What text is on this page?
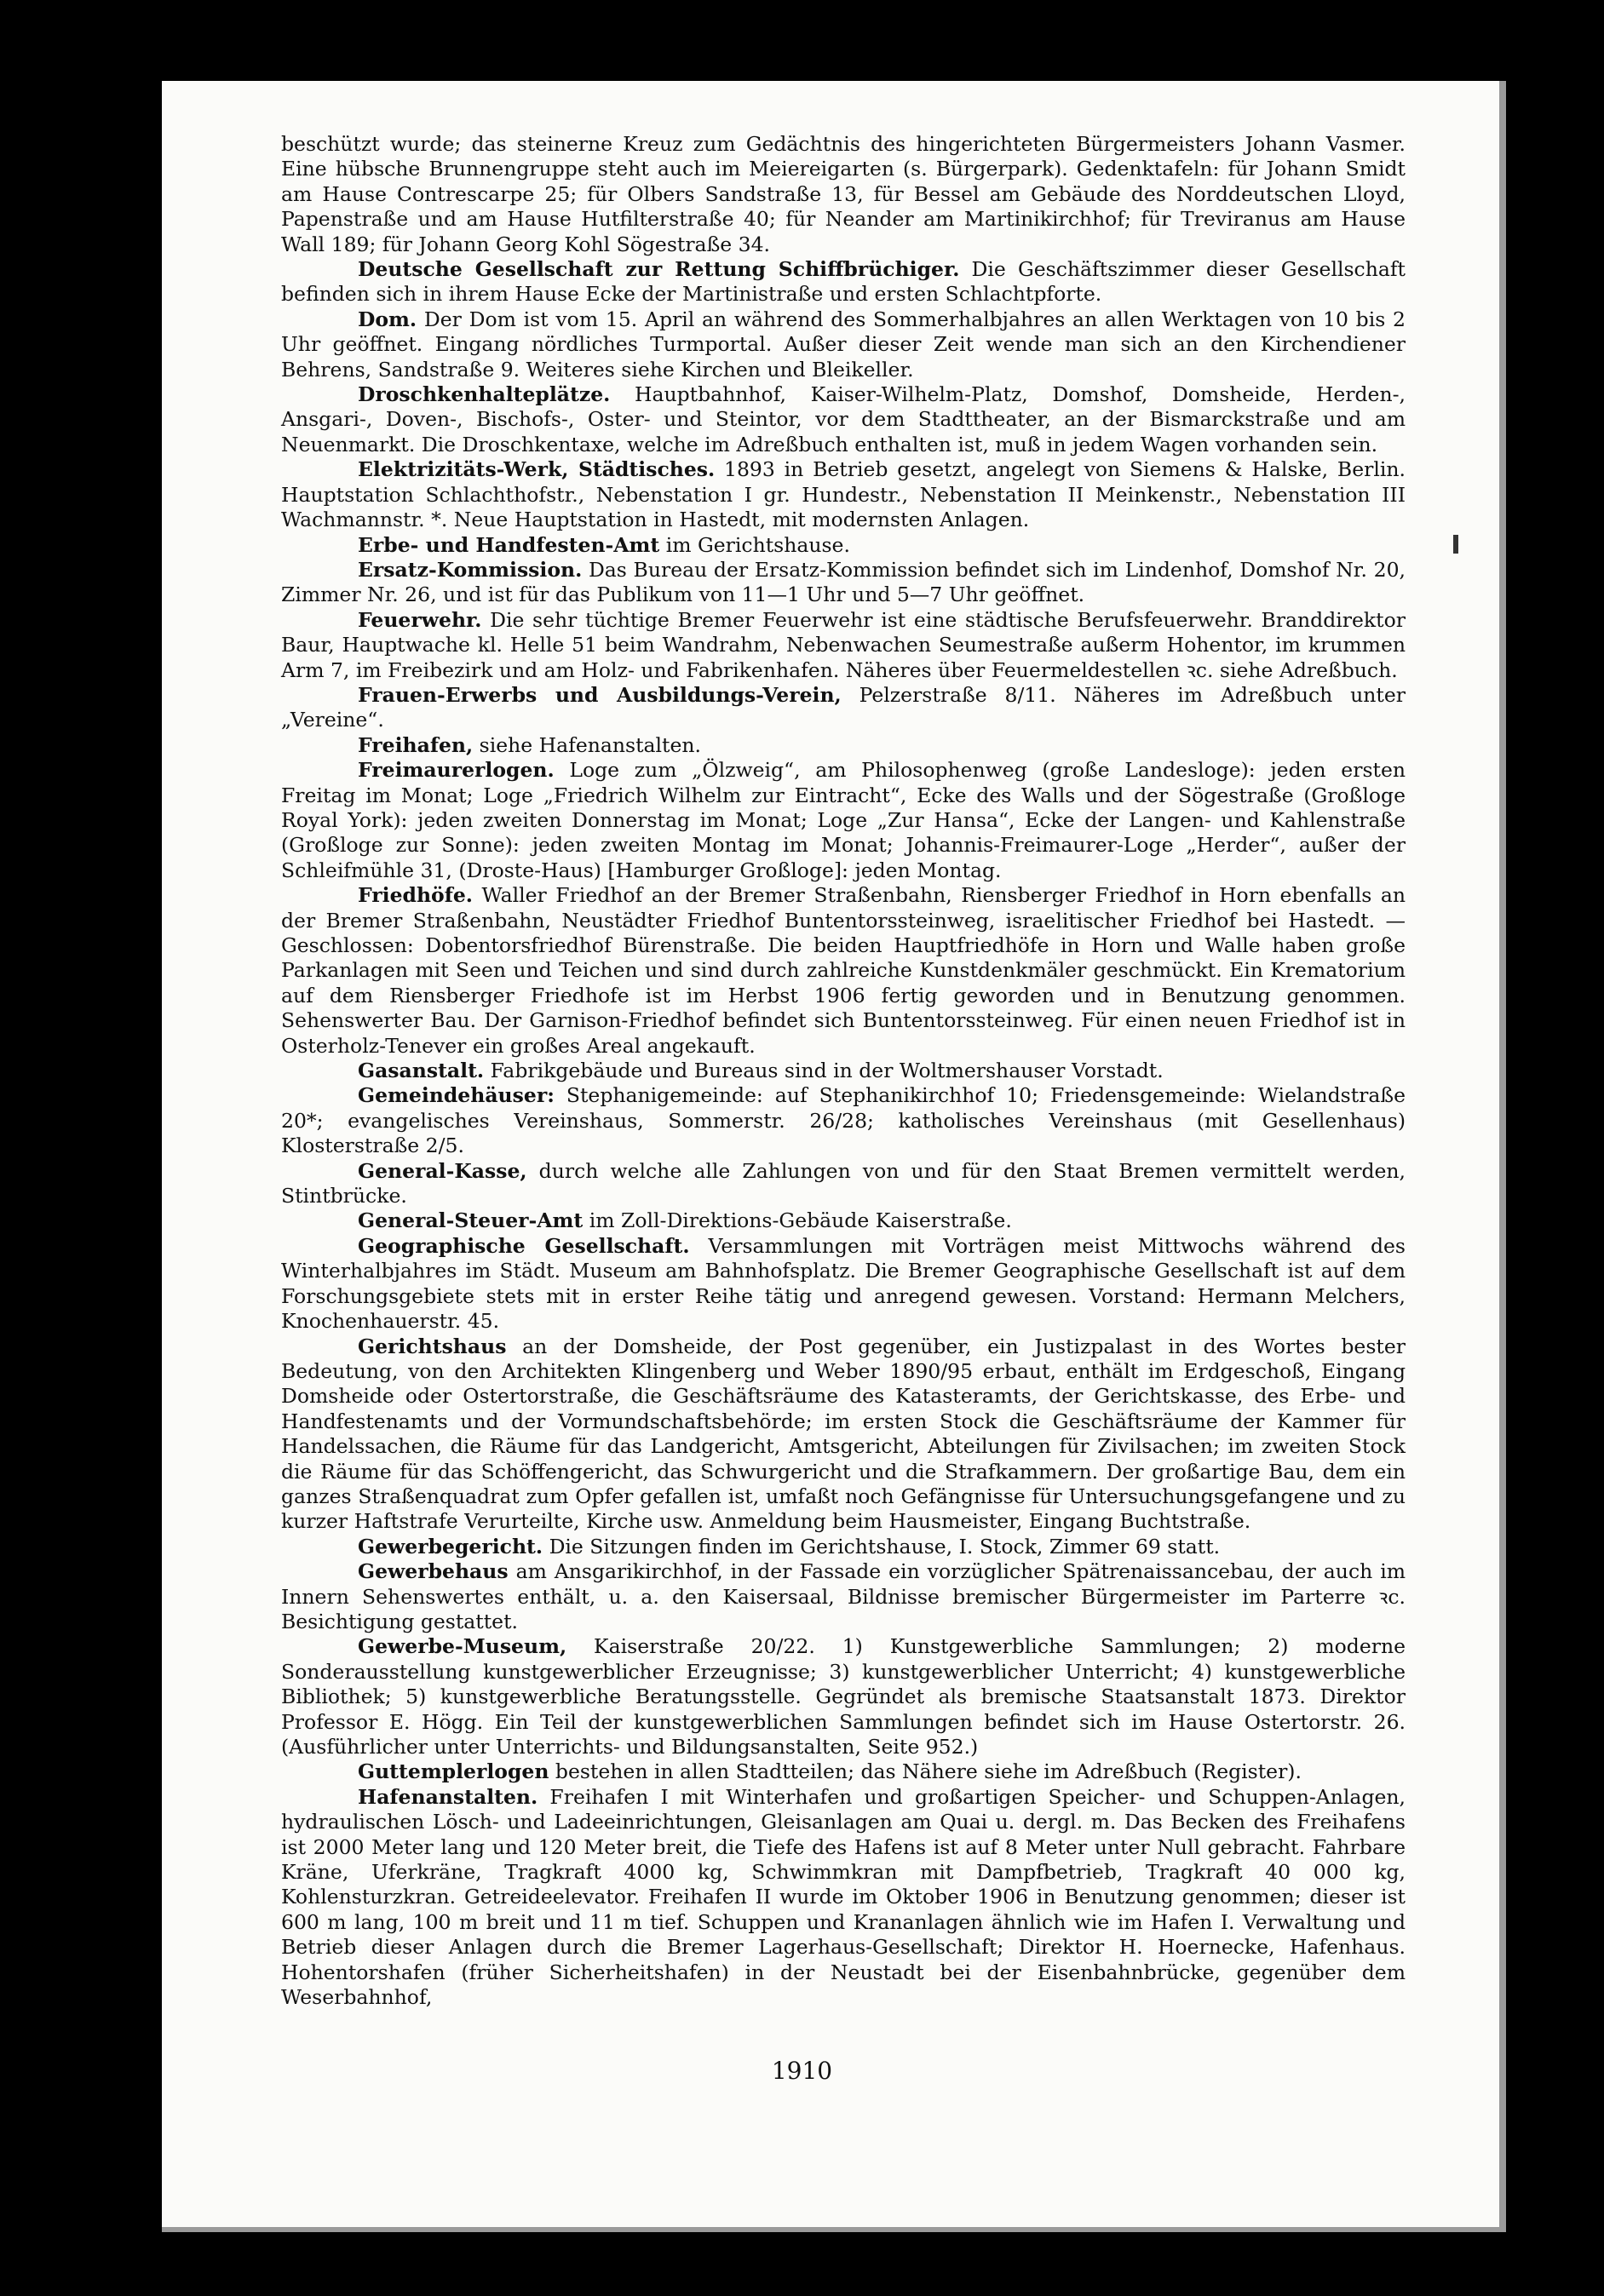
beschützt wurde; das steinerne Kreuz zum Gedächtnis des hingerichteten Bürgermeisters Johann Vasmer. Eine hübsche Brunnengruppe steht auch im Meiereigarten (s. Bürgerpark). Gedenktafeln: für Johann Smidt am Hause Contrescarpe 25; für Olbers Sandstraße 13, für Bessel am Gebäude des Norddeutschen Lloyd, Papenstraße und am Hause Hutfilterstraße 40; für Neander am Martinikirchhof; für Treviranus am Hause Wall 189; für Johann Georg Kohl Sögestraße 34.

Deutsche Gesellschaft zur Rettung Schiffbrüchiger. Die Geschäftszimmer dieser Gesellschaft befinden sich in ihrem Hause Ecke der Martinistraße und ersten Schlachtpforte.

Dom. Der Dom ist vom 15. April an während des Sommerhalbjahres an allen Werktagen von 10 bis 2 Uhr geöffnet. Eingang nördliches Turmportal. Außer dieser Zeit wende man sich an den Kirchendiener Behrens, Sandstraße 9. Weiteres siehe Kirchen und Bleikeller.

Droschkenhalteplätze. Hauptbahnhof, Kaiser-Wilhelm-Platz, Domshof, Domsheide, Herden-, Ansgari-, Doven-, Bischofs-, Oster- und Steintor, vor dem Stadttheater, an der Bismarckstraße und am Neuenmarkt. Die Droschkentaxe, welche im Adreßbuch enthalten ist, muß in jedem Wagen vorhanden sein.

Elektrizitäts-Werk, Städtisches. 1893 in Betrieb gesetzt, angelegt von Siemens & Halske, Berlin. Hauptstation Schlachthofstr., Nebenstation I gr. Hundestr., Nebenstation II Meinkenstr., Nebenstation III Wachmannstr. *. Neue Hauptstation in Hastedt, mit modernsten Anlagen.

Erbe- und Handfesten-Amt im Gerichtshause.

Ersatz-Kommission. Das Bureau der Ersatz-Kommission befindet sich im Lindenhof, Domshof Nr. 20, Zimmer Nr. 26, und ist für das Publikum von 11—1 Uhr und 5—7 Uhr geöffnet.

Feuerwehr. Die sehr tüchtige Bremer Feuerwehr ist eine städtische Berufsfeuerwehr. Branddirektor Baur, Hauptwache kl. Helle 51 beim Wandrahm, Nebenwachen Seumestraße außerm Hohentor, im krummen Arm 7, im Freibezirk und am Holz- und Fabrikenhafen. Näheres über Feuermeldestellen ꝛc. siehe Adreßbuch.

Frauen-Erwerbs und Ausbildungs-Verein, Pelzerstraße 8/11. Näheres im Adreßbuch unter „Vereine“.

Freihafen, siehe Hafenanstalten.

Freimaurerlogen. Loge zum „Ölzweig“, am Philosophenweg (große Landesloge): jeden ersten Freitag im Monat; Loge „Friedrich Wilhelm zur Eintracht“, Ecke des Walls und der Sögestraße (Großloge Royal York): jeden zweiten Donnerstag im Monat; Loge „Zur Hansa“, Ecke der Langen- und Kahlenstraße (Großloge zur Sonne): jeden zweiten Montag im Monat; Johannis-Freimaurer-Loge „Herder“, außer der Schleifmühle 31, (Droste-Haus) [Hamburger Großloge]: jeden Montag.

Friedhöfe. Waller Friedhof an der Bremer Straßenbahn, Riensberger Friedhof in Horn ebenfalls an der Bremer Straßenbahn, Neustädter Friedhof Buntentorssteinweg, israelitischer Friedhof bei Hastedt. — Geschlossen: Dobentorsfriedhof Bürenstraße. Die beiden Hauptfriedhöfe in Horn und Walle haben große Parkanlagen mit Seen und Teichen und sind durch zahlreiche Kunstdenkmäler geschmückt. Ein Krematorium auf dem Riensberger Friedhofe ist im Herbst 1906 fertig geworden und in Benutzung genommen. Sehenswerter Bau. Der Garnison-Friedhof befindet sich Buntentorssteinweg. Für einen neuen Friedhof ist in Osterholz-Tenever ein großes Areal angekauft.

Gasanstalt. Fabrikgebäude und Bureaus sind in der Woltmershauser Vorstadt.

Gemeindehäuser: Stephanigemeinde: auf Stephanikirchhof 10; Friedensgemeinde: Wielandstraße 20*; evangelisches Vereinshaus, Sommerstr. 26/28; katholisches Vereinshaus (mit Gesellenhaus) Klosterstraße 2/5.

General-Kasse, durch welche alle Zahlungen von und für den Staat Bremen vermittelt werden, Stintbrücke.

General-Steuer-Amt im Zoll-Direktions-Gebäude Kaiserstraße.

Geographische Gesellschaft. Versammlungen mit Vorträgen meist Mittwochs während des Winterhalbjahres im Städt. Museum am Bahnhofsplatz. Die Bremer Geographische Gesellschaft ist auf dem Forschungsgebiete stets mit in erster Reihe tätig und anregend gewesen. Vorstand: Hermann Melchers, Knochenhauerstr. 45.

Gerichtshaus an der Domsheide, der Post gegenüber, ein Justizpalast in des Wortes bester Bedeutung, von den Architekten Klingenberg und Weber 1890/95 erbaut, enthält im Erdgeschoß, Eingang Domsheide oder Ostertorstraße, die Geschäftsräume des Katasteramts, der Gerichtskasse, des Erbe- und Handfestenamts und der Vormundschaftsbehörde; im ersten Stock die Geschäftsräume der Kammer für Handelssachen, die Räume für das Landgericht, Amtsgericht, Abteilungen für Zivilsachen; im zweiten Stock die Räume für das Schöffengericht, das Schwurgericht und die Strafkammern. Der großartige Bau, dem ein ganzes Straßenquadrat zum Opfer gefallen ist, umfaßt noch Gefängnisse für Untersuchungsgefangene und zu kurzer Haftstrafe Verurteilte, Kirche usw. Anmeldung beim Hausmeister, Eingang Buchtstraße.

Gewerbegericht. Die Sitzungen finden im Gerichtshause, I. Stock, Zimmer 69 statt.

Gewerbehaus am Ansgarikirchhof, in der Fassade ein vorzüglicher Spätrenaissancebau, der auch im Innern Sehenswertes enthält, u. a. den Kaisersaal, Bildnisse bremischer Bürgermeister im Parterre ꝛc. Besichtigung gestattet.

Gewerbe-Museum, Kaiserstraße 20/22. 1) Kunstgewerbliche Sammlungen; 2) moderne Sonderausstellung kunstgewerblicher Erzeugnisse; 3) kunstgewerblicher Unterricht; 4) kunstgewerbliche Bibliothek; 5) kunstgewerbliche Beratungsstelle. Gegründet als bremische Staatsanstalt 1873. Direktor Professor E. Högg. Ein Teil der kunstgewerblichen Sammlungen befindet sich im Hause Ostertorstr. 26. (Ausführlicher unter Unterrichts- und Bildungsanstalten, Seite 952.)

Guttemplerlogen bestehen in allen Stadtteilen; das Nähere siehe im Adreßbuch (Register).

Hafenanstalten. Freihafen I mit Winterhafen und großartigen Speicher- und Schuppen-Anlagen, hydraulischen Lösch- und Ladeeinrichtungen, Gleisanlagen am Quai u. dergl. m. Das Becken des Freihafens ist 2000 Meter lang und 120 Meter breit, die Tiefe des Hafens ist auf 8 Meter unter Null gebracht. Fahrbare Kräne, Uferkräne, Tragkraft 4000 kg, Schwimmkran mit Dampfbetrieb, Tragkraft 40 000 kg, Kohlensturzkran. Getreideelevator. Freihafen II wurde im Oktober 1906 in Benutzung genommen; dieser ist 600 m lang, 100 m breit und 11 m tief. Schuppen und Krananlagen ähnlich wie im Hafen I. Verwaltung und Betrieb dieser Anlagen durch die Bremer Lagerhaus-Gesellschaft; Direktor H. Hoernecke, Hafenhaus. Hohentorshafen (früher Sicherheitshafen) in der Neustadt bei der Eisenbahnbrücke, gegenüber dem Weserbahnhof,

1910
